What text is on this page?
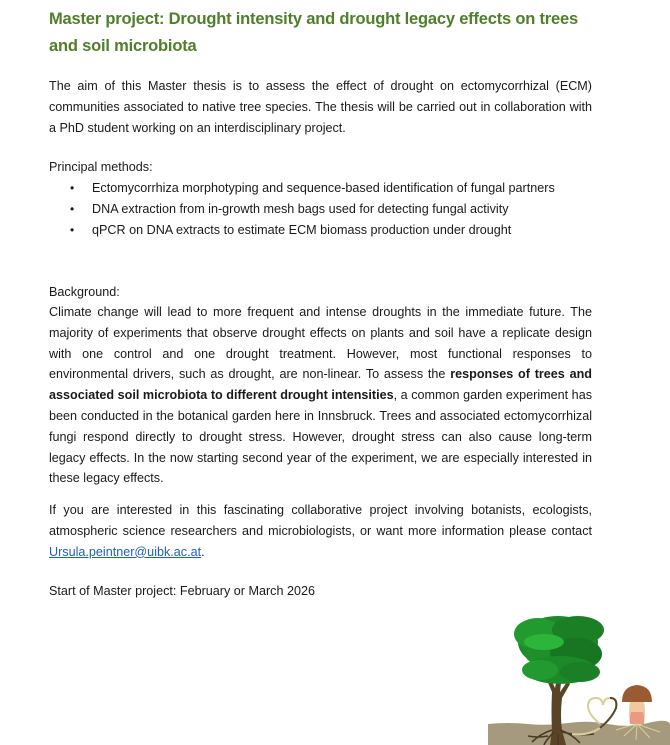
Master project: Drought intensity and drought legacy effects on trees and soil microbiota
The aim of this Master thesis is to assess the effect of drought on ectomycorrhizal (ECM) communities associated to native tree species. The thesis will be carried out in collaboration with a PhD student working on an interdisciplinary project.
Principal methods:
• Ectomycorrhiza morphotyping and sequence-based identification of fungal partners
• DNA extraction from in-growth mesh bags used for detecting fungal activity
• qPCR on DNA extracts to estimate ECM biomass production under drought
Background:
Climate change will lead to more frequent and intense droughts in the immediate future. The majority of experiments that observe drought effects on plants and soil have a replicate design with one control and one drought treatment. However, most functional responses to environmental drivers, such as drought, are non-linear. To assess the responses of trees and associated soil microbiota to different drought intensities, a common garden experiment has been conducted in the botanical garden here in Innsbruck. Trees and associated ectomycorrhizal fungi respond directly to drought stress. However, drought stress can also cause long-term legacy effects. In the now starting second year of the experiment, we are especially interested in these legacy effects.
If you are interested in this fascinating collaborative project involving botanists, ecologists, atmospheric science researchers and microbiologists, or want more information please contact Ursula.peintner@uibk.ac.at.
Start of Master project: February or March 2026
